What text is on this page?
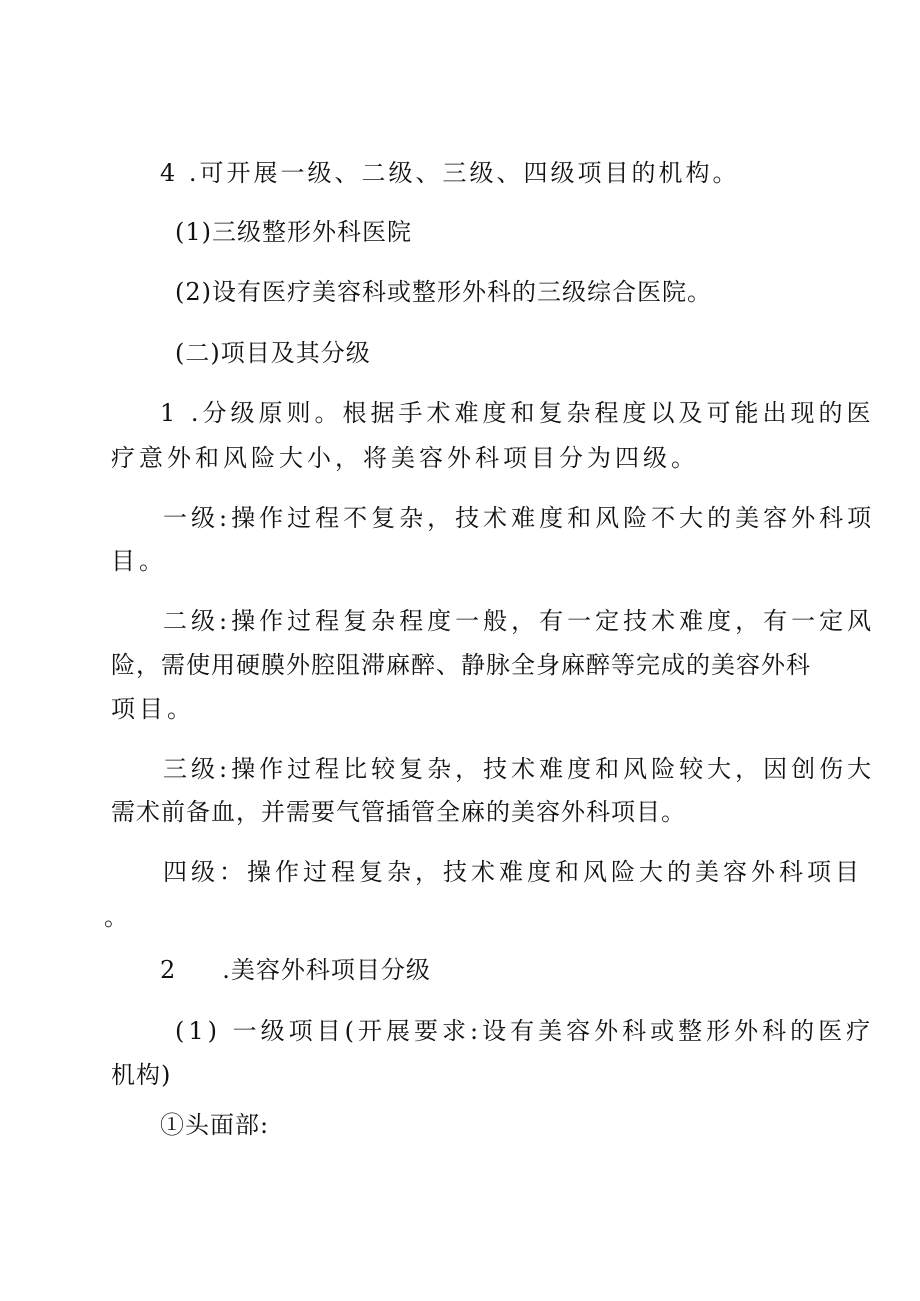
4 .可开展一级、二级、三级、四级项目的机构。
(1)三级整形外科医院
(2)设有医疗美容科或整形外科的三级综合医院。
(二)项目及其分级
1 .分级原则。根据手术难度和复杂程度以及可能出现的医
疗意外和风险大小，将美容外科项目分为四级。
一级:操作过程不复杂，技术难度和风险不大的美容外科项
目。
二级:操作过程复杂程度一般，有一定技术难度，有一定风
险，需使用硬膜外腔阻滞麻醉、静脉全身麻醉等完成的美容外科
项目。
三级:操作过程比较复杂，技术难度和风险较大，因创伤大
需术前备血，并需要气管插管全麻的美容外科项目。
四级：操作过程复杂，技术难度和风险大的美容外科项目
。
2 .美容外科项目分级
(1) 一级项目(开展要求:设有美容外科或整形外科的医疗
机构)
①头面部:
